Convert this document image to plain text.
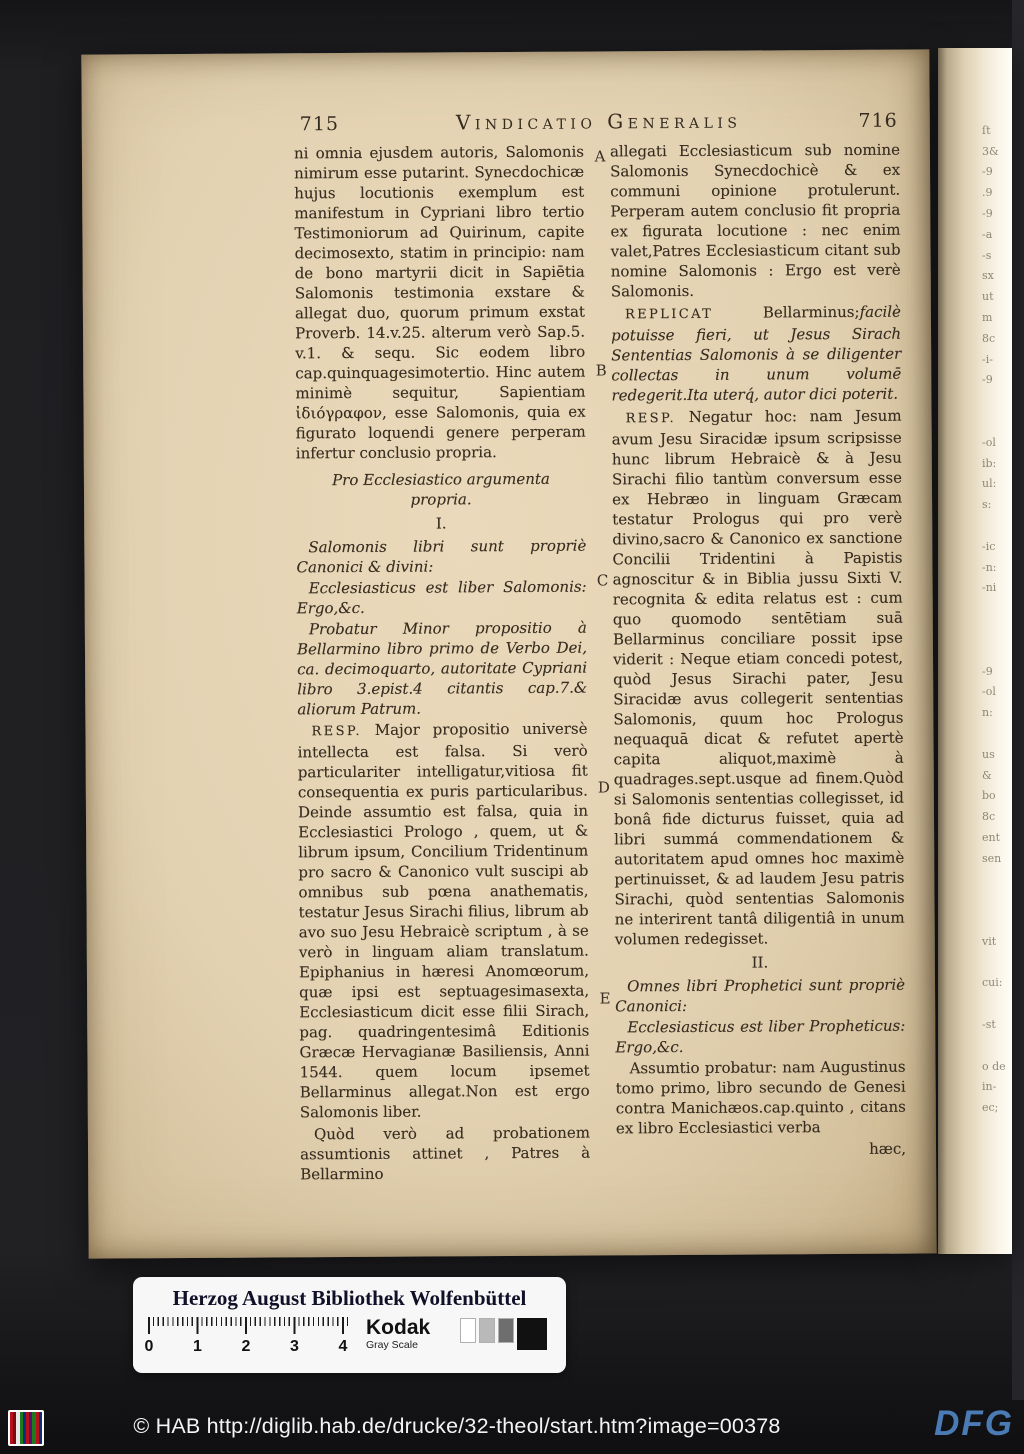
715	Vindicatio Generalis	716

ni omnia ejusdem autoris, Salomonis nimirum esse putarint. Synecdochicæ hujus locutionis exemplum est manifestum in Cypriani libro tertio Testimoniorum ad Quirinum, capite decimosexto, statim in principio: nam de bono martyrii dicit in Sapiētia Salomonis testimonia exstare & allegat duo, quorum primum exstat Proverb. 14.v.25. alterum verò Sap.5. v.1. & sequ. Sic eodem libro cap.quinquagesimotertio. Hinc autem minimè sequitur, Sapientiam ἰδιόγραφον, esse Salomonis, quia ex figurato loquendi genere perperam infertur conclusio propria.

Pro Ecclesiastico argumenta propria.

I.

Salomonis libri sunt propriè Canonici & divini:

Ecclesiasticus est liber Salomonis: Ergo,&c.

Probatur Minor propositio à Bellarmino libro primo de Verbo Dei, ca. decimoquarto, autoritate Cypriani libro 3.epist.4 citantis cap.7.& aliorum Patrum.

RESP. Major propositio universè intellecta est falsa. Si verò particulariter intelligatur,vitiosa fit consequentia ex puris particularibus. Deinde assumtio est falsa, quia in Ecclesiastici Prologo , quem, ut & librum ipsum, Concilium Tridentinum pro sacro & Canonico vult suscipi ab omnibus sub pœna anathematis, testatur Jesus Sirachi filius, librum ab avo suo Jesu Hebraicè scriptum , à se verò in linguam aliam translatum. Epiphanius in hæresi Anomœorum, quæ ipsi est septuagesimasexta, Ecclesiasticum dicit esse filii Sirach, pag. quadringentesimâ Editionis Græcæ Hervagianæ Basiliensis, Anni 1544. quem locum ipsemet Bellarminus allegat.Non est ergo Salomonis liber.

Quòd verò ad probationem assumtionis attinet , Patres à Bellarmino

allegati Ecclesiasticum sub nomine Salomonis Synecdochicè & ex communi opinione protulerunt. Perperam autem conclusio fit propria ex figurata locutione : nec enim valet,Patres Ecclesiasticum citant sub nomine Salomonis : Ergo est verè Salomonis.

REPLICAT Bellarminus;facilè potuisse fieri, ut Jesus Sirach Sententias Salomonis à se diligenter collectas in unum volumē redegerit.Ita uterq́, autor dici poterit.

RESP. Negatur hoc: nam Jesum avum Jesu Siracidæ ipsum scripsisse hunc librum Hebraicè & à Jesu Sirachi filio tantùm conversum esse ex Hebræo in linguam Græcam testatur Prologus qui pro verè divino,sacro & Canonico ex sanctione Concilii Tridentini à Papistis agnoscitur & in Biblia jussu Sixti V. recognita & edita relatus est : cum quo quomodo sentētiam suā Bellarminus conciliare possit ipse viderit : Neque etiam concedi potest, quòd Jesus Sirachi pater, Jesu Siracidæ avus collegerit sententias Salomonis, quum hoc Prologus nequaquā dicat & refutet apertè capita aliquot,maximè à quadrages.sept.usque ad finem.Quòd si Salomonis sententias collegisset, id bonâ fide dicturus fuisset, quia ad libri summá commendationem & autoritatem apud omnes hoc maximè pertinuisset, & ad laudem Jesu patris Sirachi, quòd sententias Salomonis ne interirent tantâ diligentiâ in unum volumen redegisset.

II.

Omnes libri Prophetici sunt propriè Canonici:

Ecclesiasticus est liber Propheticus: Ergo,&c.

Assumtio probatur: nam Augustinus tomo primo, libro secundo de Genesi contra Manichæos.cap.quinto , citans ex libro Ecclesiastici verba

hæc,

A
B
C
D
E

ſt
3&
-9
.9
-9
-a
-s
sx
ut
m
8c
-i-
-9

-ol
ib:
ul:
s:

-ic
-n:
-ni

-9
-ol
n:

us
&
bo
8c
ent
sen

vit

cui:

-st

o de
in-
ec;

Herzog August Bibliothek Wolfenbüttel
0 1 2 3 4
Kodak
Gray Scale
© HAB http://diglib.hab.de/drucke/32-theol/start.htm?image=00378	DFG
